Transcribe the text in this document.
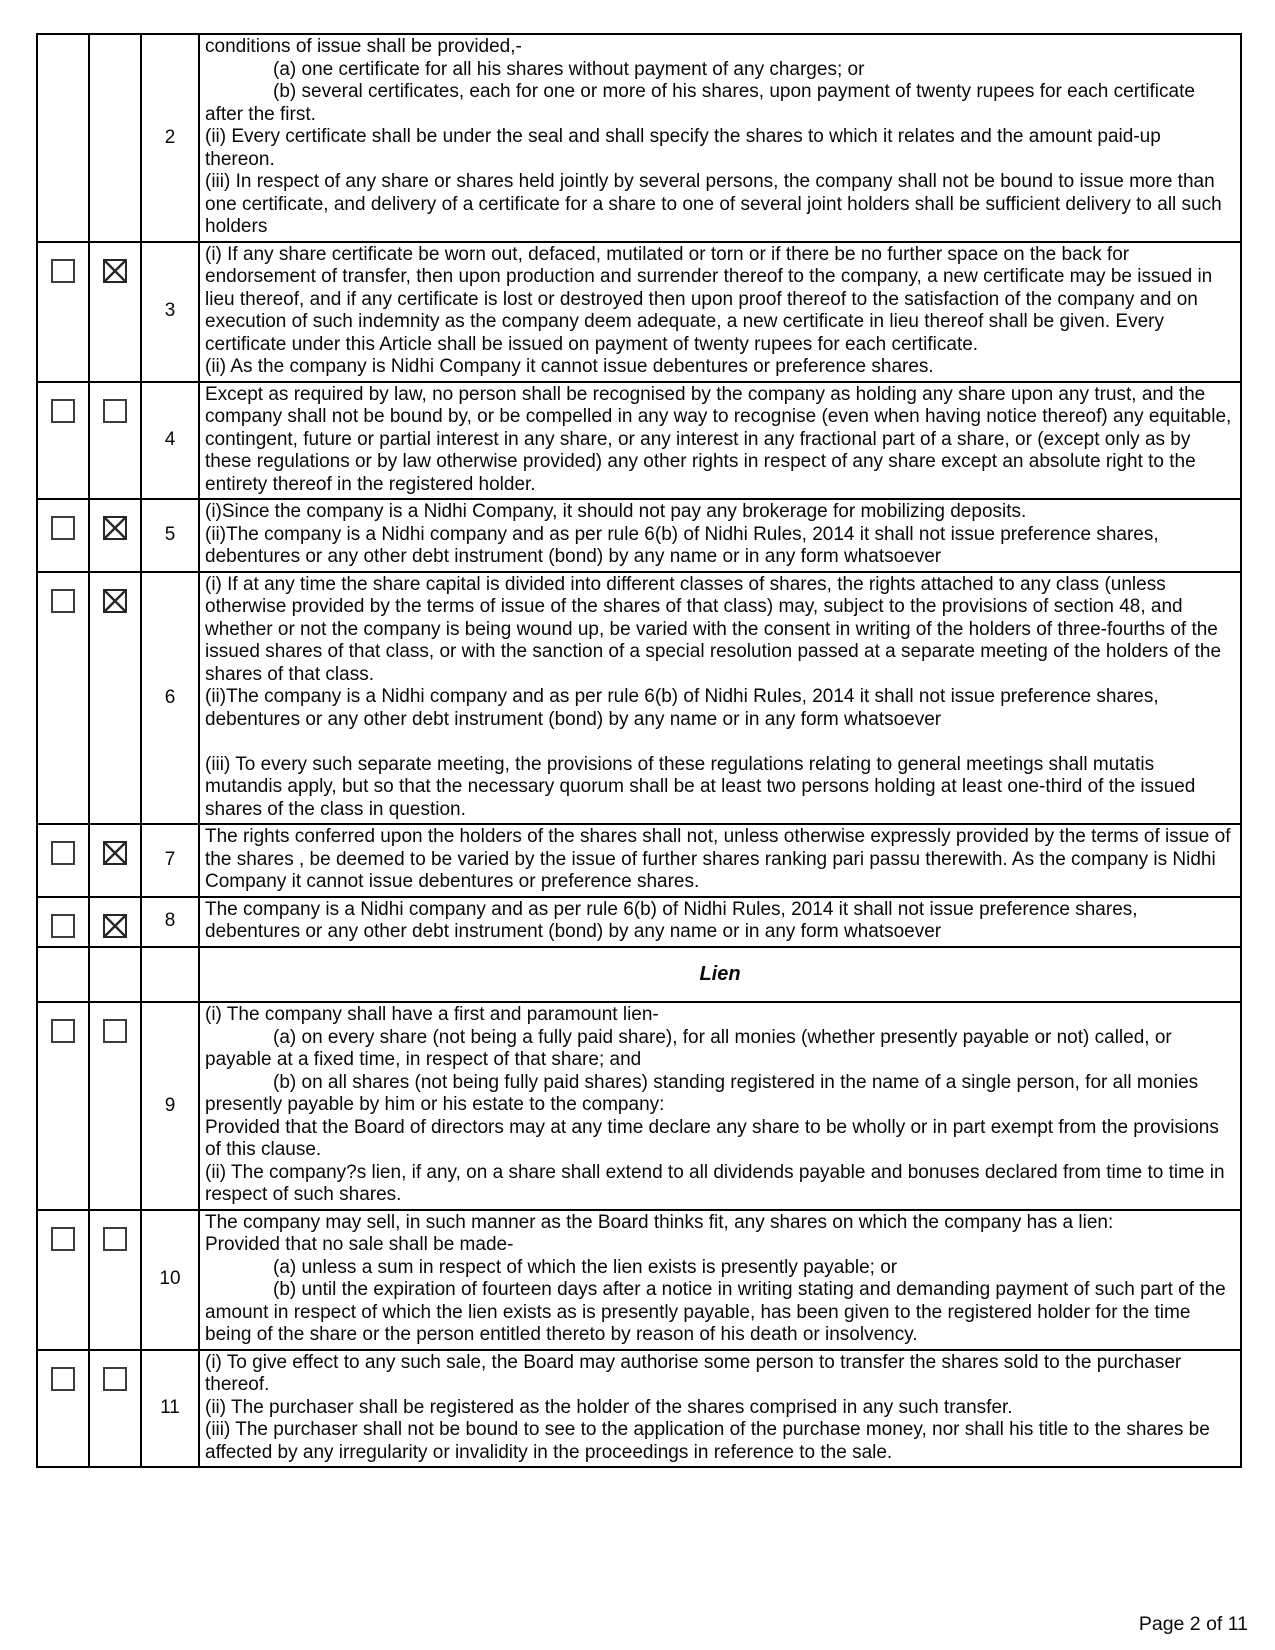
		2	conditions of issue shall be provided,-

(a) one certificate for all his shares without payment of any charges; or

(b) several certificates, each for one or more of his shares, upon payment of twenty rupees for each certificate after the first.

(ii) Every certificate shall be under the seal and shall specify the shares to which it relates and the amount paid-up thereon.

(iii) In respect of any share or shares held jointly by several persons, the company shall not be bound to issue more than one certificate, and delivery of a certificate for a share to one of several joint holders shall be sufficient delivery to all such holders

		3	(i) If any share certificate be worn out, defaced, mutilated or torn or if there be no further space on the back for endorsement of transfer, then upon production and surrender thereof to the company, a new certificate may be issued in lieu thereof, and if any certificate is lost or destroyed then upon proof thereof to the satisfaction of the company and on execution of such indemnity as the company deem adequate, a new certificate in lieu thereof shall be given. Every certificate under this Article shall be issued on payment of twenty rupees for each certificate.

(ii) As the company is Nidhi Company it cannot issue debentures or preference shares.

		4	Except as required by law, no person shall be recognised by the company as holding any share upon any trust, and the company shall not be bound by, or be compelled in any way to recognise (even when having notice thereof) any equitable, contingent, future or partial interest in any share, or any interest in any fractional part of a share, or (except only as by these regulations or by law otherwise provided) any other rights in respect of any share except an absolute right to the entirety thereof in the registered holder.

		5	(i)Since the company is a Nidhi Company, it should not pay any brokerage for mobilizing deposits.

(ii)The company is a Nidhi company and as per rule 6(b) of Nidhi Rules, 2014 it shall not issue preference shares, debentures or any other debt instrument (bond) by any name or in any form whatsoever

		6	(i) If at any time the share capital is divided into different classes of shares, the rights attached to any class (unless otherwise provided by the terms of issue of the shares of that class) may, subject to the provisions of section 48, and whether or not the company is being wound up, be varied with the consent in writing of the holders of three-fourths of the issued shares of that class, or with the sanction of a special resolution passed at a separate meeting of the holders of the shares of that class.

(ii)The company is a Nidhi company and as per rule 6(b) of Nidhi Rules, 2014 it shall not issue preference shares, debentures or any other debt instrument (bond) by any name or in any form whatsoever

(iii) To every such separate meeting, the provisions of these regulations relating to general meetings shall mutatis mutandis apply, but so that the necessary quorum shall be at least two persons holding at least one-third of the issued shares of the class in question.

		7	The rights conferred upon the holders of the shares shall not, unless otherwise expressly provided by the terms of issue of the shares , be deemed to be varied by the issue of further shares ranking pari passu therewith. As the company is Nidhi Company it cannot issue debentures or preference shares.

		8	The company is a Nidhi company and as per rule 6(b) of Nidhi Rules, 2014 it shall not issue preference shares, debentures or any other debt instrument (bond) by any name or in any form whatsoever

			Lien
		9	(i) The company shall have a first and paramount lien-

(a) on every share (not being a fully paid share), for all monies (whether presently payable or not) called, or payable at a fixed time, in respect of that share; and

(b) on all shares (not being fully paid shares) standing registered in the name of a single person, for all monies presently payable by him or his estate to the company:

Provided that the Board of directors may at any time declare any share to be wholly or in part exempt from the provisions of this clause.

(ii) The company?s lien, if any, on a share shall extend to all dividends payable and bonuses declared from time to time in respect of such shares.

		10	The company may sell, in such manner as the Board thinks fit, any shares on which the company has a lien:

Provided that no sale shall be made-

(a) unless a sum in respect of which the lien exists is presently payable; or

(b) until the expiration of fourteen days after a notice in writing stating and demanding payment of such part of the amount in respect of which the lien exists as is presently payable, has been given to the registered holder for the time being of the share or the person entitled thereto by reason of his death or insolvency.

		11	(i) To give effect to any such sale, the Board may authorise some person to transfer the shares sold to the purchaser thereof.

(ii) The purchaser shall be registered as the holder of the shares comprised in any such transfer.

(iii) The purchaser shall not be bound to see to the application of the purchase money, nor shall his title to the shares be affected by any irregularity or invalidity in the proceedings in reference to the sale.

Page 2 of 11
